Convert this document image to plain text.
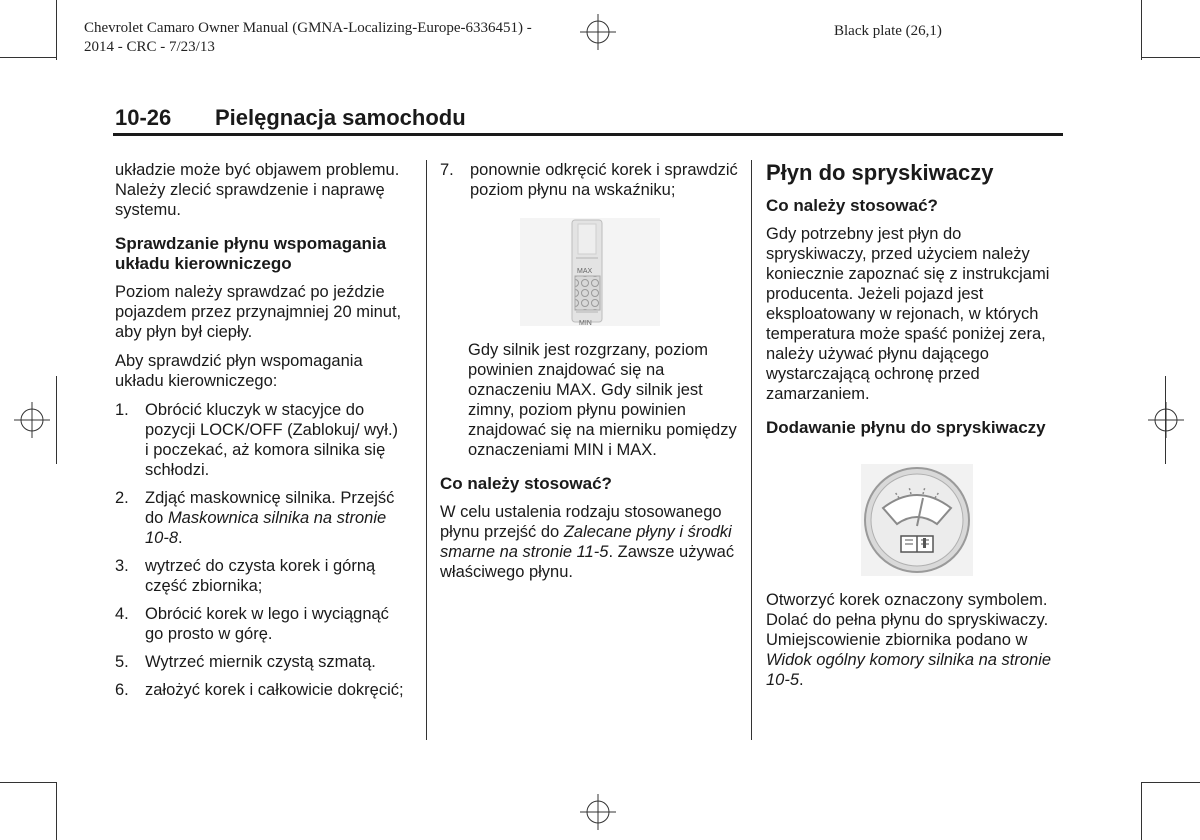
Chevrolet Camaro Owner Manual (GMNA-Localizing-Europe-6336451) -
2014 - CRC - 7/23/13
Black plate (26,1)
10-26 Pielęgnacja samochodu

układzie może być objawem problemu. Należy zlecić sprawdzenie i naprawę systemu.

Sprawdzanie płynu wspomagania układu kierowniczego

Poziom należy sprawdzać po jeździe pojazdem przez przynajmniej 20 minut, aby płyn był ciepły.

Aby sprawdzić płyn wspomagania układu kierowniczego:

1. Obrócić kluczyk w stacyjce do pozycji LOCK/OFF (Zablokuj/ wył.) i poczekać, aż komora silnika się schłodzi.
2. Zdjąć maskownicę silnika. Przejść do Maskownica silnika na stronie 10-8.
3. wytrzeć do czysta korek i górną część zbiornika;
4. Obrócić korek w lego i wyciągnąć go prosto w górę.
5. Wytrzeć miernik czystą szmatą.
6. założyć korek i całkowicie dokręcić;
7. ponownie odkręcić korek i sprawdzić poziom płynu na wskaźniku;
MAX
MIN

Gdy silnik jest rozgrzany, poziom powinien znajdować się na oznaczeniu MAX. Gdy silnik jest zimny, poziom płynu powinien znajdować się na mierniku pomiędzy oznaczeniami MIN i MAX.

Co należy stosować?

W celu ustalenia rodzaju stosowanego płynu przejść do Zalecane płyny i środki smarne na stronie 11-5. Zawsze używać właściwego płynu.

Płyn do spryskiwaczy
Co należy stosować?

Gdy potrzebny jest płyn do spryskiwaczy, przed użyciem należy koniecznie zapoznać się z instrukcjami producenta. Jeżeli pojazd jest eksploatowany w rejonach, w których temperatura może spaść poniżej zera, należy używać płynu dającego wystarczającą ochronę przed zamarzaniem.

Dodawanie płynu do spryskiwaczy

Otworzyć korek oznaczony symbolem. Dolać do pełna płynu do spryskiwaczy. Umiejscowienie zbiornika podano w Widok ogólny komory silnika na stronie 10-5.
